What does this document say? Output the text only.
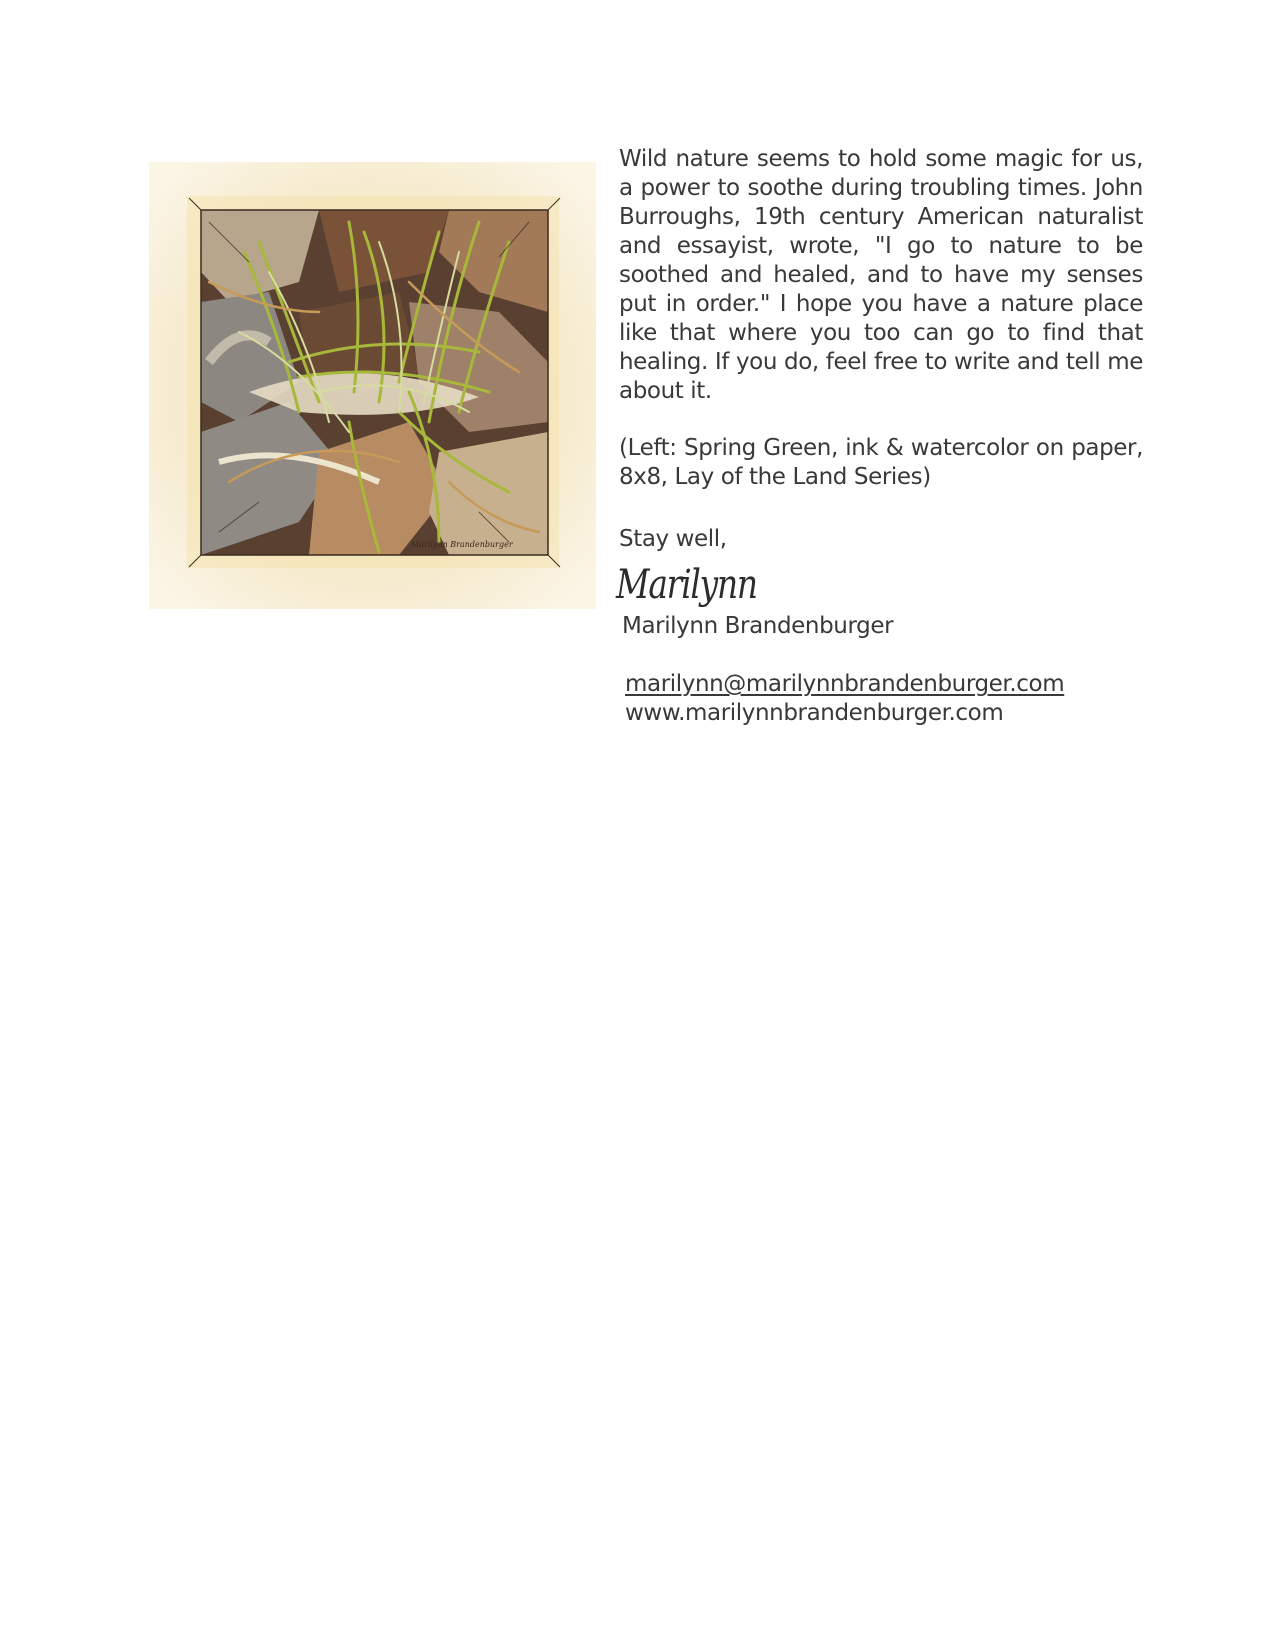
Marilynn Brandenburger

Wild nature seems to hold some magic for us, a power to soothe during troubling times. John Burroughs, 19th century American naturalist and essayist, wrote, "I go to nature to be soothed and healed, and to have my senses put in order." I hope you have a nature place like that where you too can go to find that healing. If you do, feel free to write and tell me about it.

(Left: Spring Green, ink & watercolor on paper, 8x8, Lay of the Land Series)

Stay well,
Marilynn
Marilynn Brandenburger
marilynn@marilynnbrandenburger.com
www.marilynnbrandenburger.com
